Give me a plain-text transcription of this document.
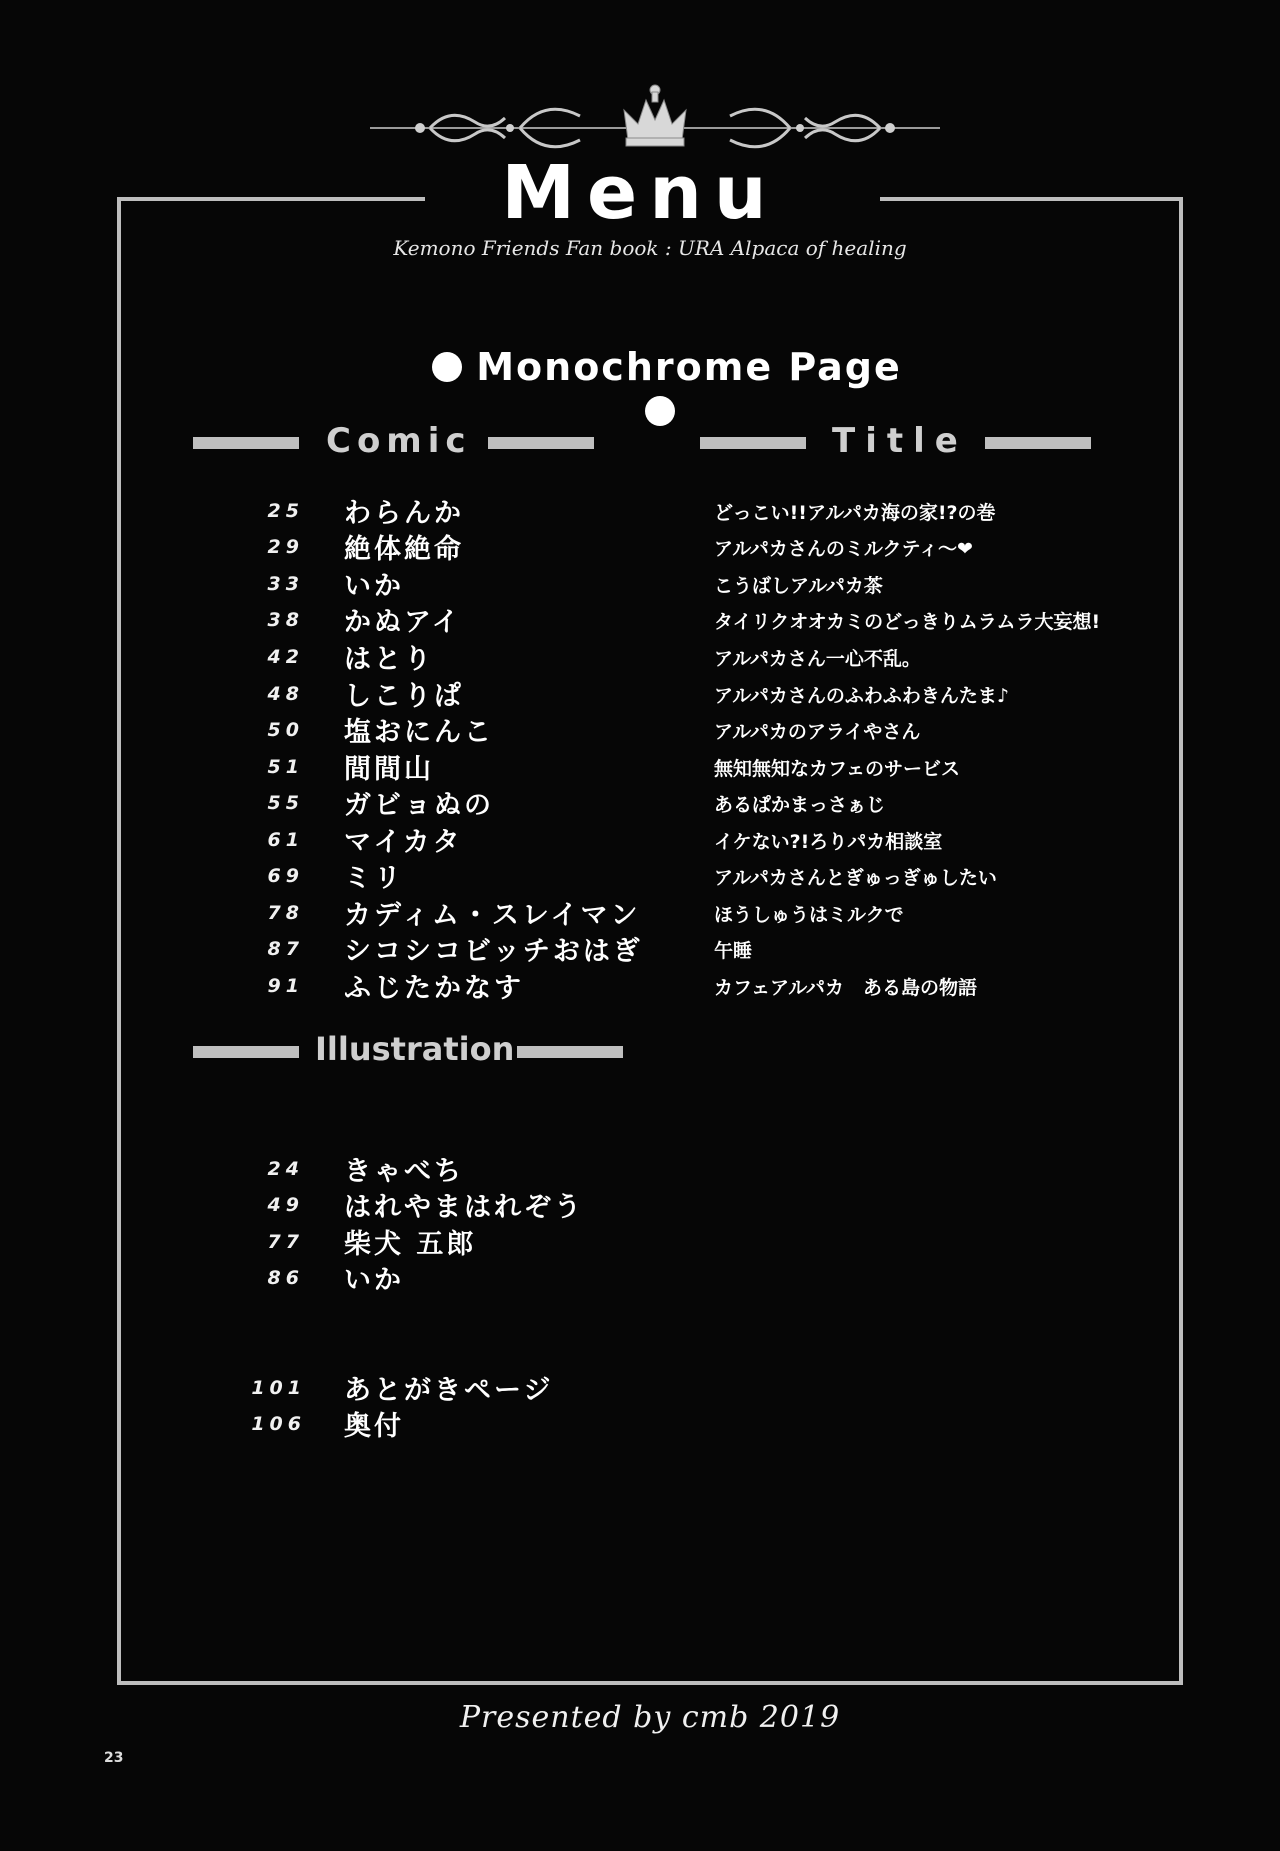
Menu
Kemono Friends Fan book : URA Alpaca of healing
Monochrome Page
Comic	Title
25 わらんか	どっこい!!アルパカ海の家!?の巻
29 絶体絶命	アルパカさんのミルクティ～❤
33 いか	こうばしアルパカ茶
38 かぬアイ	タイリクオオカミのどっきりムラムラ大妄想!
42 はとり	アルパカさん一心不乱。
48 しこりぱ	アルパカさんのふわふわきんたま♪
50 塩おにんこ	アルパカのアライやさん
51 間間山	無知無知なカフェのサービス
55 ガビョぬの	あるぱかまっさぁじ
61 マイカタ	イケない?!ろりパカ相談室
69 ミリ	アルパカさんとぎゅっぎゅしたい
78 カディム・スレイマン	ほうしゅうはミルクで
87 シコシコビッチおはぎ	午睡
91 ふじたかなす	カフェアルパカ　ある島の物語
Illustration
24 きゃべち
49 はれやまはれぞう
77 柴犬 五郎
86 いか
101 あとがきページ
106 奥付
Presented by cmb 2019
23
